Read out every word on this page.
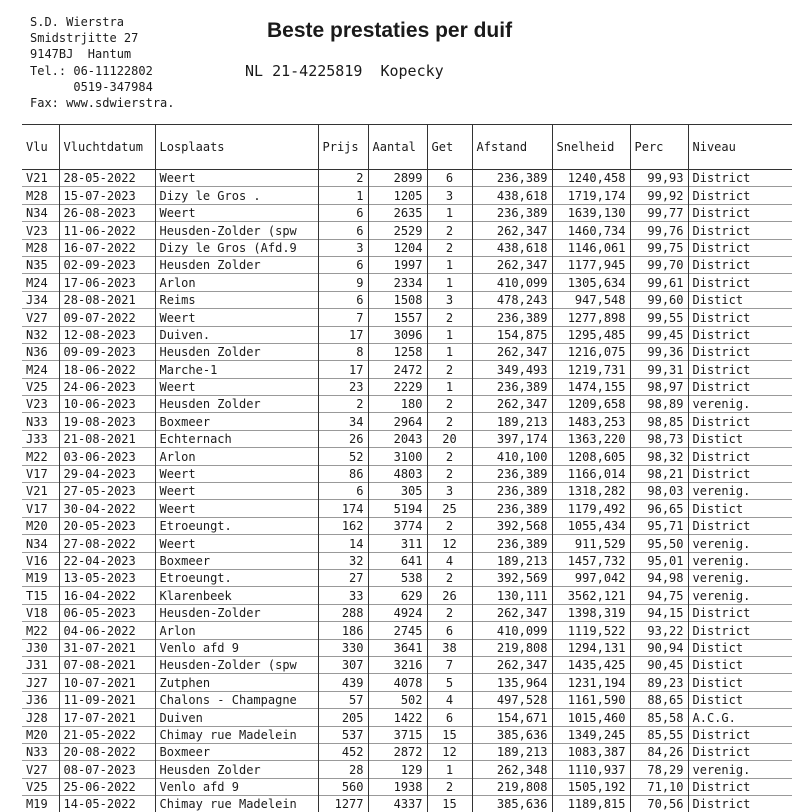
S.D. Wierstra
Smidstrjitte 27
9147BJ  Hantum
Tel.: 06-11122802
0519-347984
Fax: www.sdwierstra.
Beste prestaties per duif
NL 21-4225819  Kopecky
Vlu	Vluchtdatum	Losplaats	Prijs	Aantal	Get	Afstand	Snelheid	Perc	Niveau
V21	28-05-2022	Weert	2	2899	6	236,389	1240,458	99,93	District
M28	15-07-2023	Dizy le Gros .	1	1205	3	438,618	1719,174	99,92	District
N34	26-08-2023	Weert	6	2635	1	236,389	1639,130	99,77	District
V23	11-06-2022	Heusden-Zolder (spw	6	2529	2	262,347	1460,734	99,76	District
M28	16-07-2022	Dizy le Gros (Afd.9	3	1204	2	438,618	1146,061	99,75	District
N35	02-09-2023	Heusden Zolder	6	1997	1	262,347	1177,945	99,70	District
M24	17-06-2023	Arlon	9	2334	1	410,099	1305,634	99,61	District
J34	28-08-2021	Reims	6	1508	3	478,243	947,548	99,60	Distict
V27	09-07-2022	Weert	7	1557	2	236,389	1277,898	99,55	District
N32	12-08-2023	Duiven.	17	3096	1	154,875	1295,485	99,45	District
N36	09-09-2023	Heusden Zolder	8	1258	1	262,347	1216,075	99,36	District
M24	18-06-2022	Marche-1	17	2472	2	349,493	1219,731	99,31	District
V25	24-06-2023	Weert	23	2229	1	236,389	1474,155	98,97	District
V23	10-06-2023	Heusden Zolder	2	180	2	262,347	1209,658	98,89	verenig.
N33	19-08-2023	Boxmeer	34	2964	2	189,213	1483,253	98,85	District
J33	21-08-2021	Echternach	26	2043	20	397,174	1363,220	98,73	Distict
M22	03-06-2023	Arlon	52	3100	2	410,100	1208,605	98,32	District
V17	29-04-2023	Weert	86	4803	2	236,389	1166,014	98,21	District
V21	27-05-2023	Weert	6	305	3	236,389	1318,282	98,03	verenig.
V17	30-04-2022	Weert	174	5194	25	236,389	1179,492	96,65	Distict
M20	20-05-2023	Etroeungt.	162	3774	2	392,568	1055,434	95,71	District
N34	27-08-2022	Weert	14	311	12	236,389	911,529	95,50	verenig.
V16	22-04-2023	Boxmeer	32	641	4	189,213	1457,732	95,01	verenig.
M19	13-05-2023	Etroeungt.	27	538	2	392,569	997,042	94,98	verenig.
T15	16-04-2022	Klarenbeek	33	629	26	130,111	3562,121	94,75	verenig.
V18	06-05-2023	Heusden-Zolder	288	4924	2	262,347	1398,319	94,15	District
M22	04-06-2022	Arlon	186	2745	6	410,099	1119,522	93,22	District
J30	31-07-2021	Venlo afd 9	330	3641	38	219,808	1294,131	90,94	Distict
J31	07-08-2021	Heusden-Zolder (spw	307	3216	7	262,347	1435,425	90,45	Distict
J27	10-07-2021	Zutphen	439	4078	5	135,964	1231,194	89,23	Distict
J36	11-09-2021	Chalons - Champagne	57	502	4	497,528	1161,590	88,65	Distict
J28	17-07-2021	Duiven	205	1422	6	154,671	1015,460	85,58	A.C.G.
M20	21-05-2022	Chimay rue Madelein	537	3715	15	385,636	1349,245	85,55	District
N33	20-08-2022	Boxmeer	452	2872	12	189,213	1083,387	84,26	District
V27	08-07-2023	Heusden Zolder	28	129	1	262,348	1110,937	78,29	verenig.
V25	25-06-2022	Venlo afd 9	560	1938	2	219,808	1505,192	71,10	District
M19	14-05-2022	Chimay rue Madelein	1277	4337	15	385,636	1189,815	70,56	District
